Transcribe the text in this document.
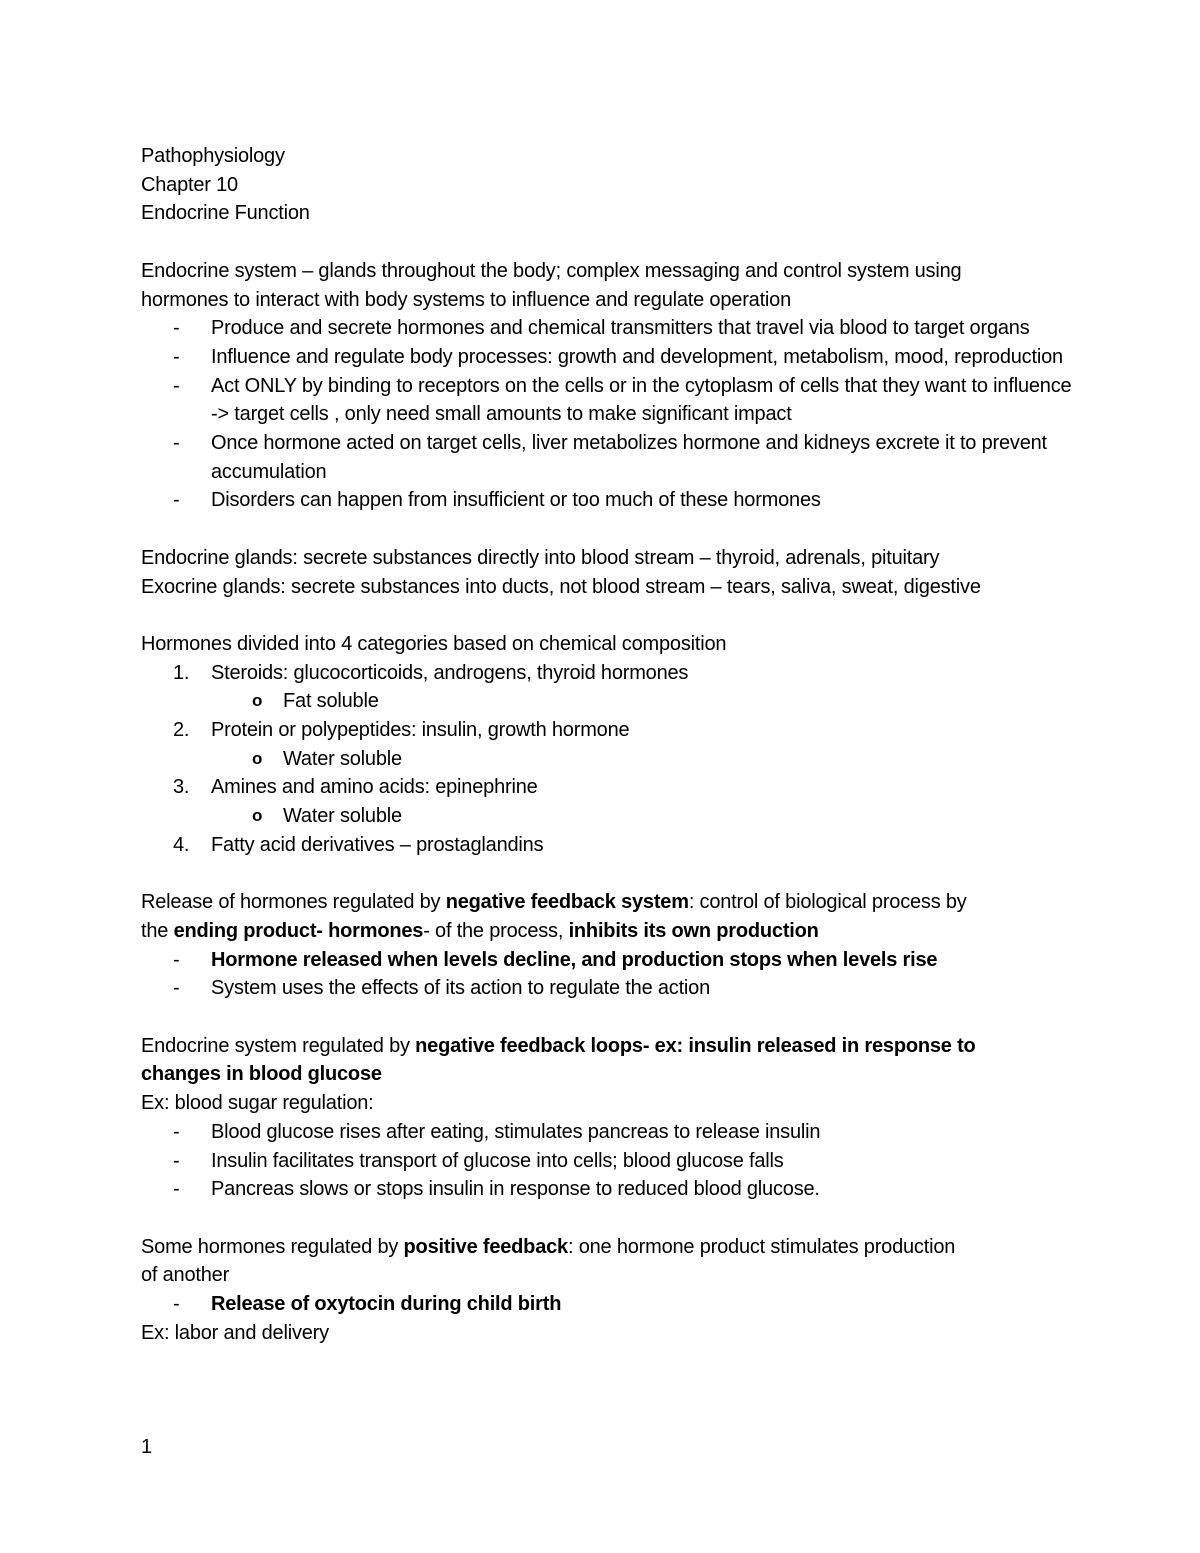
Pathophysiology
Chapter 10
Endocrine Function
Endocrine system – glands throughout the body; complex messaging and control system using
hormones to interact with body systems to influence and regulate operation
-	Produce and secrete hormones and chemical transmitters that travel via blood to target organs
-	Influence and regulate body processes: growth and development, metabolism, mood, reproduction
-	Act ONLY by binding to receptors on the cells or in the cytoplasm of cells that they want to influence -> target cells , only need small amounts to make significant impact
-	Once hormone acted on target cells, liver metabolizes hormone and kidneys excrete it to prevent accumulation
-	Disorders can happen from insufficient or too much of these hormones
Endocrine glands: secrete substances directly into blood stream – thyroid, adrenals, pituitary
Exocrine glands: secrete substances into ducts, not blood stream – tears, saliva, sweat, digestive
Hormones divided into 4 categories based on chemical composition
1.	Steroids: glucocorticoids, androgens, thyroid hormones
o	Fat soluble
2.	Protein or polypeptides: insulin, growth hormone
o	Water soluble
3.	Amines and amino acids: epinephrine
o	Water soluble
4.	Fatty acid derivatives – prostaglandins
Release of hormones regulated by negative feedback system: control of biological process by
the ending product- hormones- of the process, inhibits its own production
-	Hormone released when levels decline, and production stops when levels rise
-	System uses the effects of its action to regulate the action
Endocrine system regulated by negative feedback loops- ex: insulin released in response to
changes in blood glucose
Ex: blood sugar regulation:
-	Blood glucose rises after eating, stimulates pancreas to release insulin
-	Insulin facilitates transport of glucose into cells; blood glucose falls
-	Pancreas slows or stops insulin in response to reduced blood glucose.
Some hormones regulated by positive feedback: one hormone product stimulates production
of another
-	Release of oxytocin during child birth
Ex: labor and delivery
1
